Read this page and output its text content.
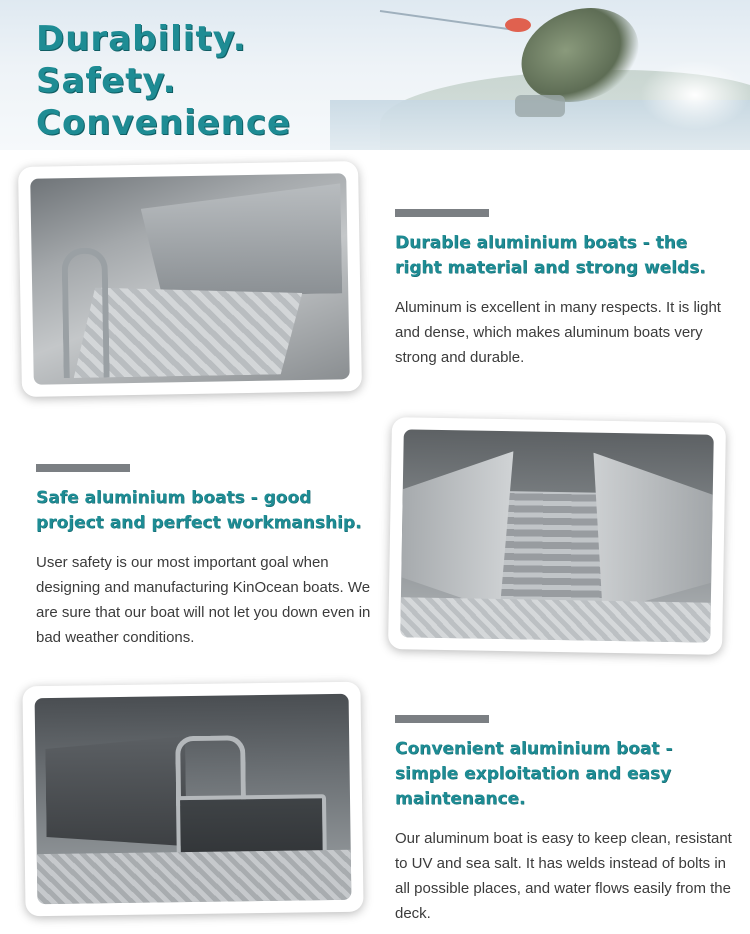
Durability.
Safety.
Convenience
Durable aluminium boats - the right material and strong welds.

Aluminum is excellent in many respects. It is light and dense, which makes aluminum boats very strong and durable.

Safe aluminium boats - good project and perfect workmanship.

User safety is our most important goal when designing and manufacturing KinOcean boats. We are sure that our boat will not let you down even in bad weather conditions.

Convenient aluminium boat - simple exploitation and easy maintenance.

Our aluminum boat is easy to keep clean, resistant to UV and sea salt. It has welds instead of bolts in all possible places, and water flows easily from the deck.
